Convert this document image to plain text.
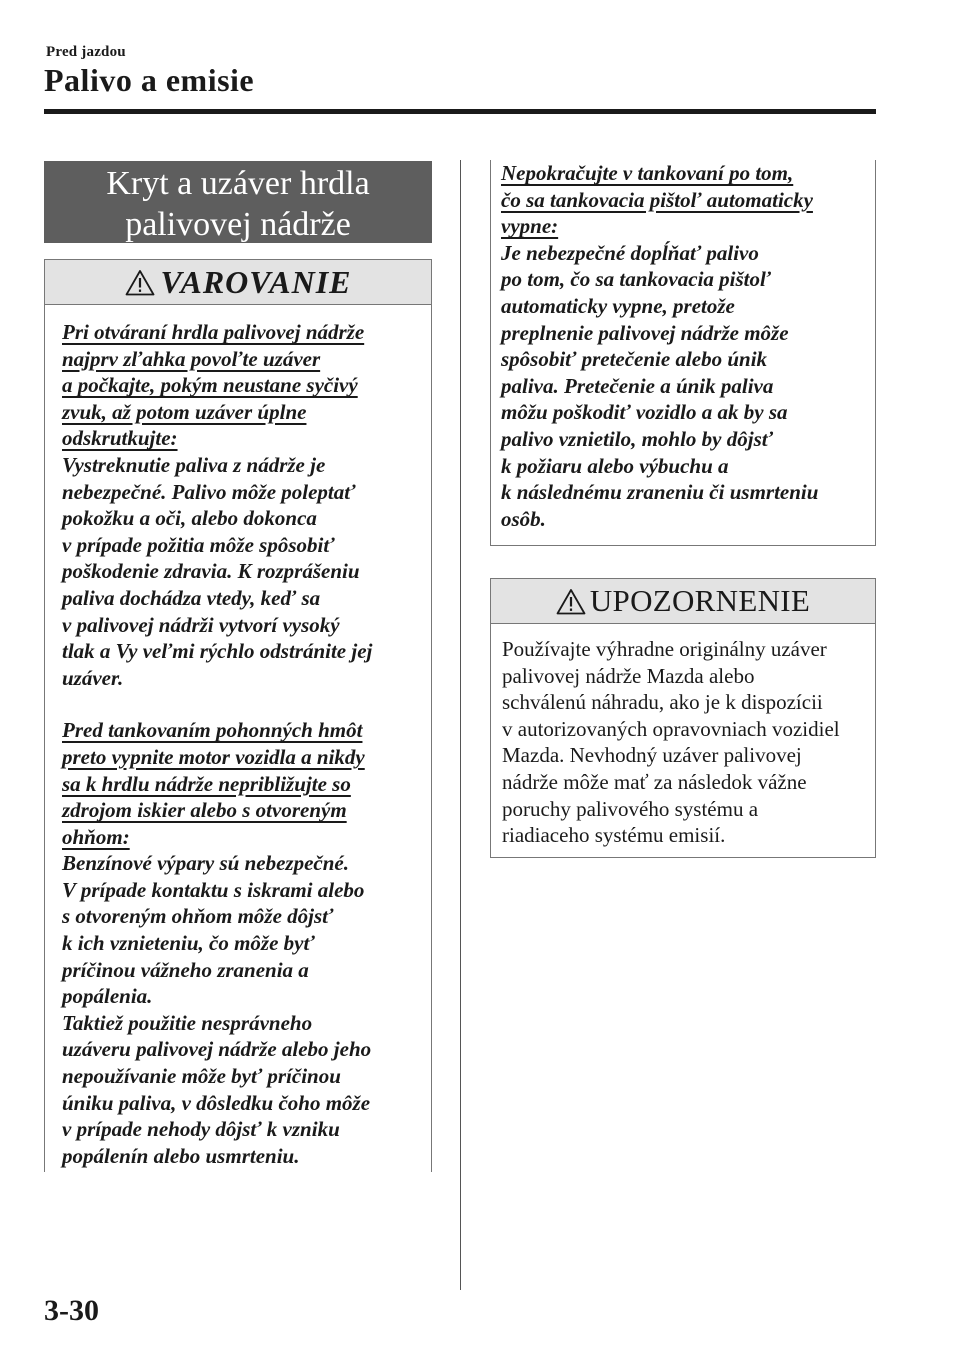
Pred jazdou
Palivo a emisie
Kryt a uzáver hrdla
palivovej nádrže
VAROVANIE

Pri otváraní hrdla palivovej nádrže
najprv zľahka povoľte uzáver
a počkajte, pokým neustane syčivý
zvuk, až potom uzáver úplne
odskrutkujte:

Vystreknutie paliva z nádrže je
nebezpečné. Palivo môže poleptať
pokožku a oči, alebo dokonca
v prípade požitia môže spôsobiť
poškodenie zdravia. K rozprášeniu
paliva dochádza vtedy, keď sa
v palivovej nádrži vytvorí vysoký
tlak a Vy veľmi rýchlo odstránite jej
uzáver.

Pred tankovaním pohonných hmôt
preto vypnite motor vozidla a nikdy
sa k hrdlu nádrže nepribližujte so
zdrojom iskier alebo s otvoreným
ohňom:

Benzínové výpary sú nebezpečné.
V prípade kontaktu s iskrami alebo
s otvoreným ohňom môže dôjsť
k ich vznieteniu, čo môže byť
príčinou vážneho zranenia a
popálenia.
Taktiež použitie nesprávneho
uzáveru palivovej nádrže alebo jeho
nepoužívanie môže byť príčinou
úniku paliva, v dôsledku čoho môže
v prípade nehody dôjsť k vzniku
popálenín alebo usmrteniu.

Nepokračujte v tankovaní po tom,
čo sa tankovacia pištoľ automaticky
vypne:

Je nebezpečné dopĺňať palivo
po tom, čo sa tankovacia pištoľ
automaticky vypne, pretože
preplnenie palivovej nádrže môže
spôsobiť pretečenie alebo únik
paliva. Pretečenie a únik paliva
môžu poškodiť vozidlo a ak by sa
palivo vznietilo, mohlo by dôjsť
k požiaru alebo výbuchu a
k následnému zraneniu či usmrteniu
osôb.

UPOZORNENIE
Používajte výhradne originálny uzáver
palivovej nádrže Mazda alebo
schválenú náhradu, ako je k dispozícii
v autorizovaných opravovniach vozidiel
Mazda. Nevhodný uzáver palivovej
nádrže môže mať za následok vážne
poruchy palivového systému a
riadiaceho systému emisií.
3-30
